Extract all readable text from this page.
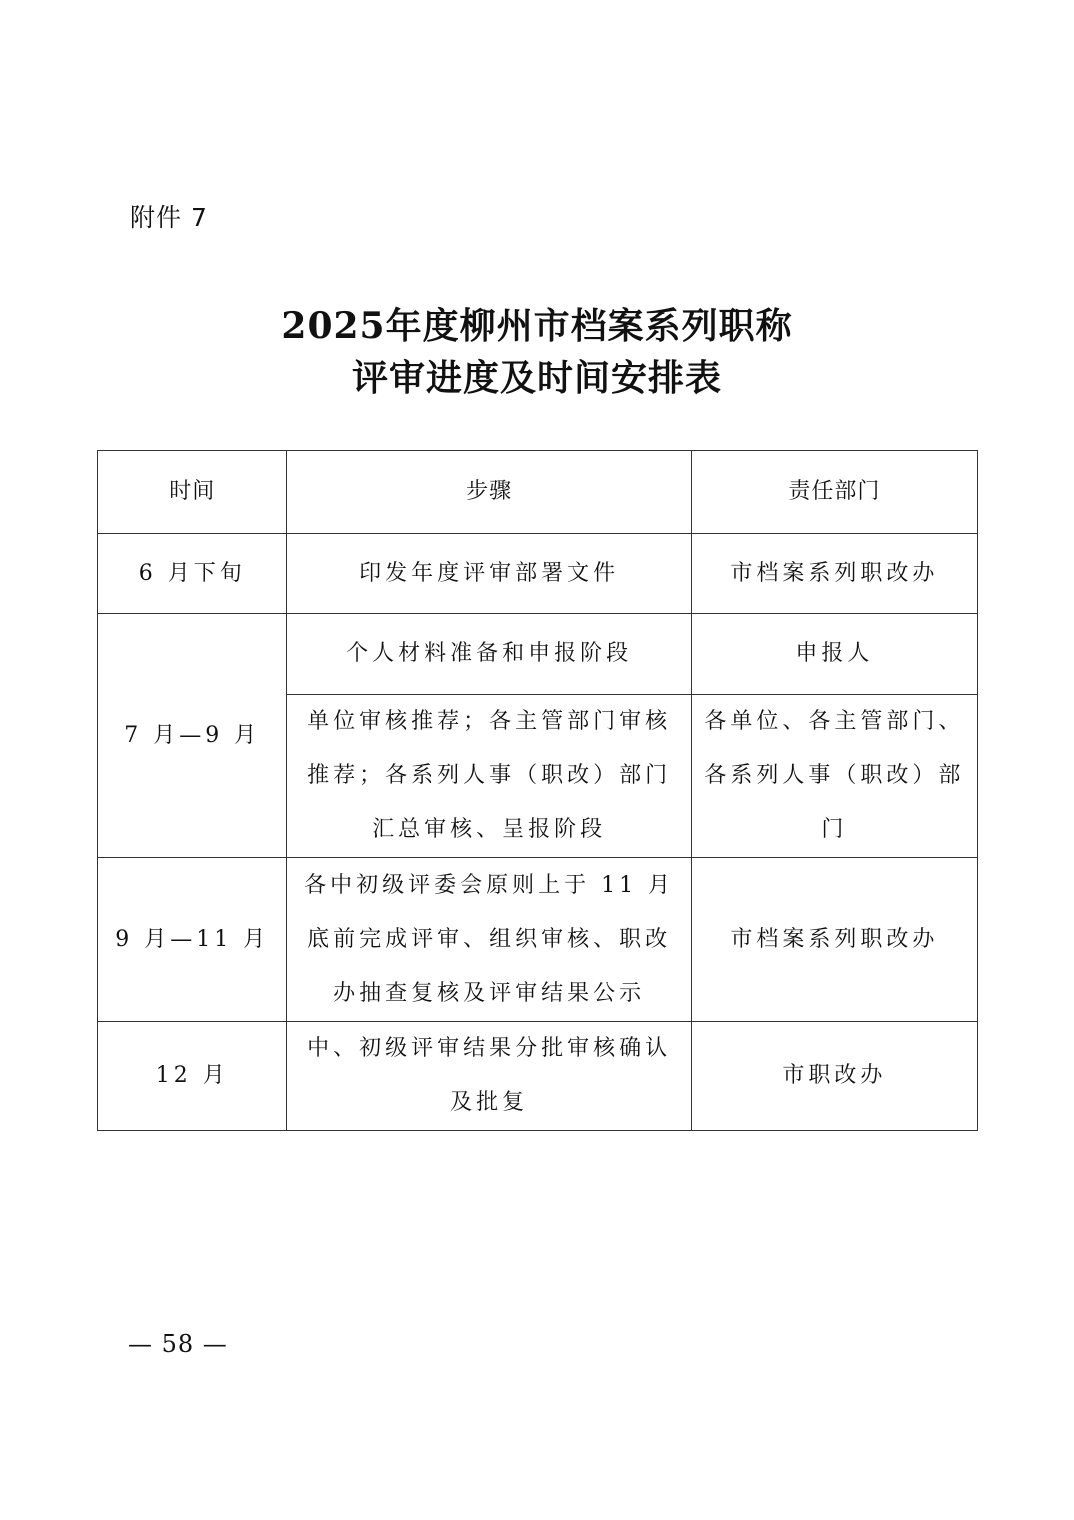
附件 7
2025年度柳州市档案系列职称
评审进度及时间安排表
时间	步骤	责任部门
6 月下旬	印发年度评审部署文件	市档案系列职改办
7 月—9 月	个人材料准备和申报阶段	申报人
	单位审核推荐；各主管部门审核推荐；各系列人事（职改）部门汇总审核、呈报阶段	各单位、各主管部门、各系列人事（职改）部门
9 月—11 月	各中初级评委会原则上于 11 月底前完成评审、组织审核、职改办抽查复核及评审结果公示	市档案系列职改办
12 月	中、初级评审结果分批审核确认及批复	市职改办
— 58 —
